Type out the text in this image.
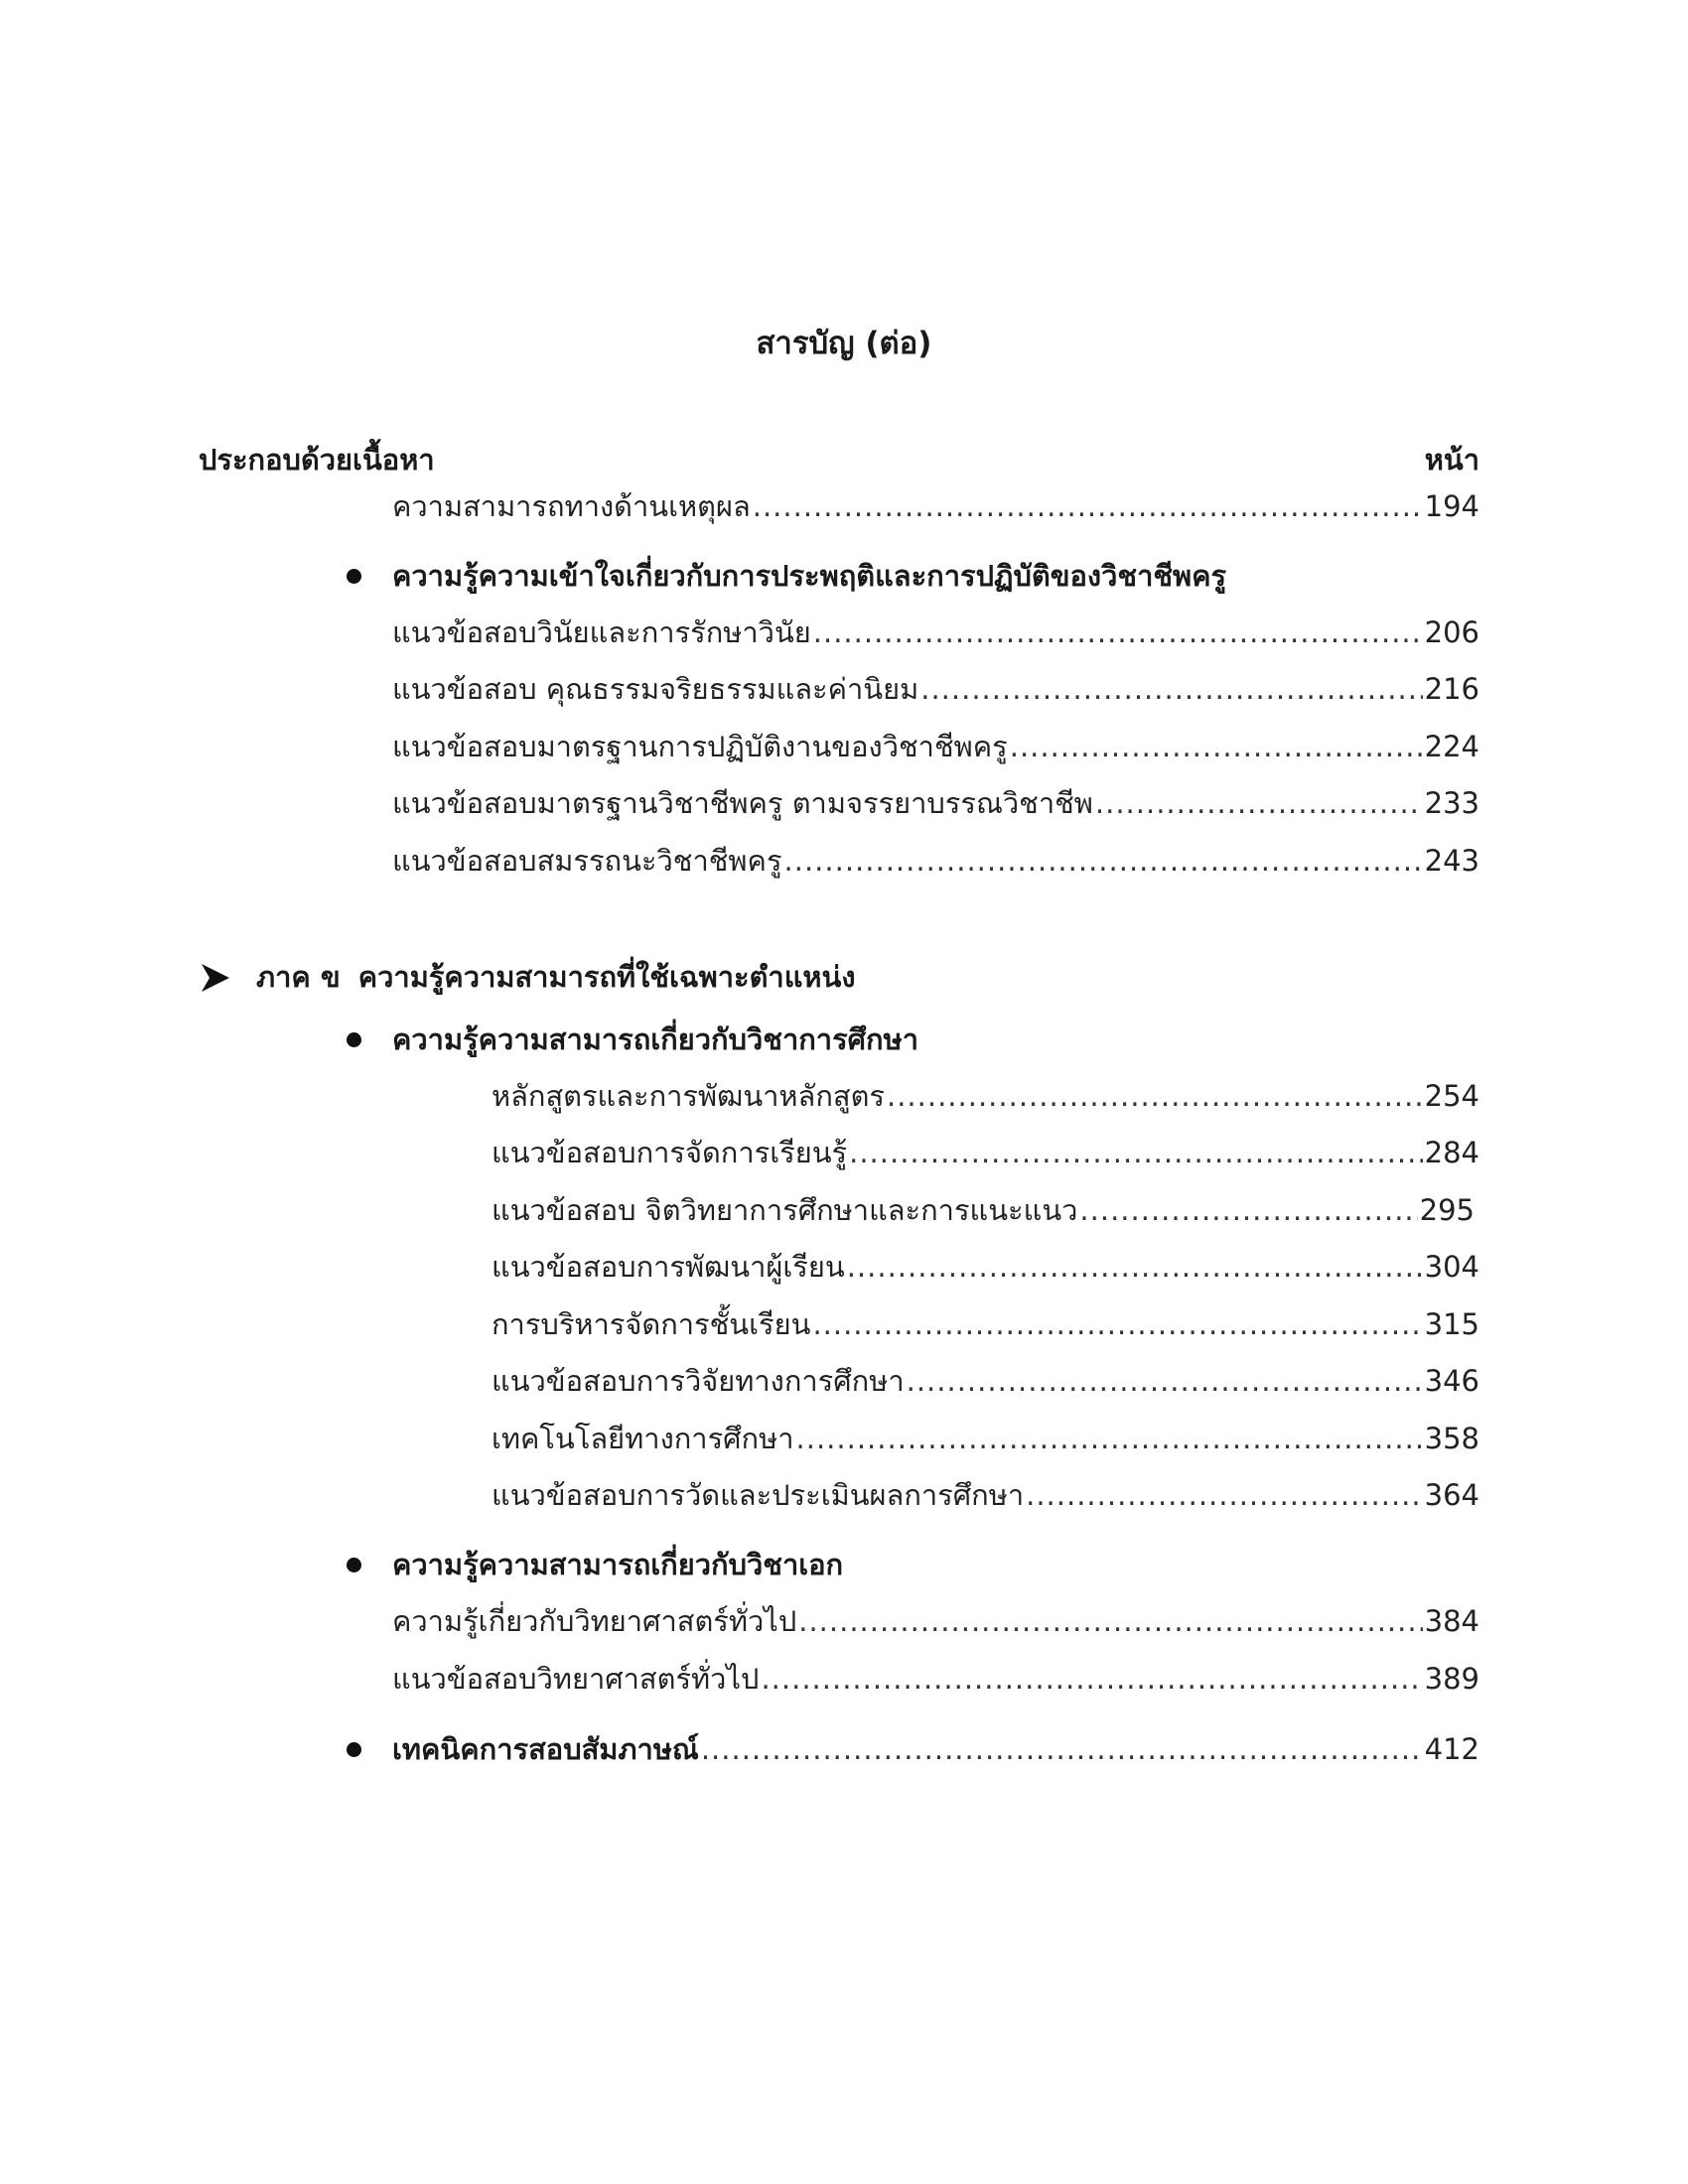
สารบัญ (ต่อ)
ประกอบด้วยเนื้อหา	หน้า
ความสามารถทางด้านเหตุผล .....	194
ความรู้ความเข้าใจเกี่ยวกับการประพฤติและการปฏิบัติของวิชาชีพครู
แนวข้อสอบวินัยและการรักษาวินัย .....	206
แนวข้อสอบ คุณธรรมจริยธรรมและค่านิยม .....	216
แนวข้อสอบมาตรฐานการปฏิบัติงานของวิชาชีพครู .....	224
แนวข้อสอบมาตรฐานวิชาชีพครู ตามจรรยาบรรณวิชาชีพ .....	233
แนวข้อสอบสมรรถนะวิชาชีพครู .....	243
ภาค ข ความรู้ความสามารถที่ใช้เฉพาะตำแหน่ง
ความรู้ความสามารถเกี่ยวกับวิชาการศึกษา
หลักสูตรและการพัฒนาหลักสูตร .....	254
แนวข้อสอบการจัดการเรียนรู้ .....	284
แนวข้อสอบ จิตวิทยาการศึกษาและการแนะแนว .....	295
แนวข้อสอบการพัฒนาผู้เรียน .....	304
การบริหารจัดการชั้นเรียน .....	315
แนวข้อสอบการวิจัยทางการศึกษา .....	346
เทคโนโลยีทางการศึกษา .....	358
แนวข้อสอบการวัดและประเมินผลการศึกษา .....	364
ความรู้ความสามารถเกี่ยวกับวิชาเอก
ความรู้เกี่ยวกับวิทยาศาสตร์ทั่วไป .....	384
แนวข้อสอบวิทยาศาสตร์ทั่วไป .....	389
เทคนิคการสอบสัมภาษณ์ .....	412
